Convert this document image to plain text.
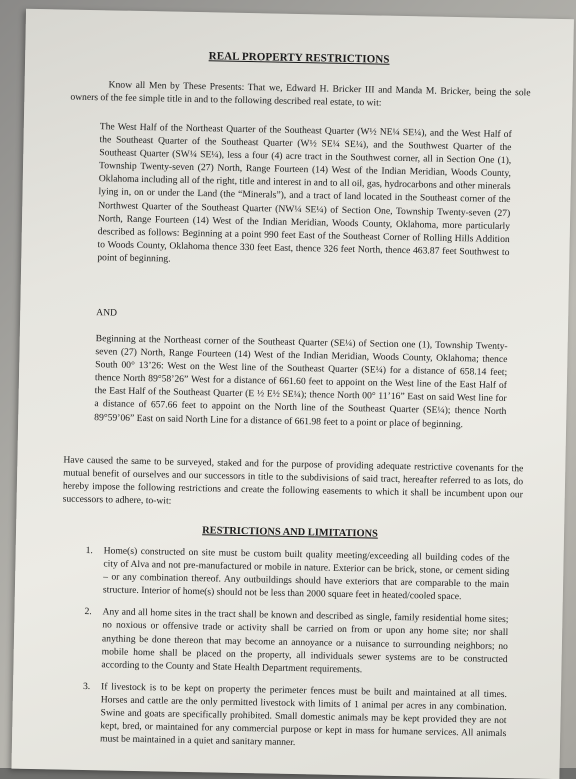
REAL PROPERTY RESTRICTIONS
Know all Men by These Presents: That we, Edward H. Bricker III and Manda M. Bricker, being the sole owners of the fee simple title in and to the following described real estate, to wit:
The West Half of the Northeast Quarter of the Southeast Quarter (W½ NE¼ SE¼), and the West Half of the Southeast Quarter of the Southeast Quarter (W½ SE¼ SE¼), and the Southwest Quarter of the Southeast Quarter (SW¼ SE¼), less a four (4) acre tract in the Southwest corner, all in Section One (1), Township Twenty-seven (27) North, Range Fourteen (14) West of the Indian Meridian, Woods County, Oklahoma including all of the right, title and interest in and to all oil, gas, hydrocarbons and other minerals lying in, on or under the Land (the “Minerals”), and a tract of land located in the Southeast corner of the Northwest Quarter of the Southeast Quarter (NW¼ SE¼) of Section One, Township Twenty-seven (27) North, Range Fourteen (14) West of the Indian Meridian, Woods County, Oklahoma, more particularly described as follows: Beginning at a point 990 feet East of the Southeast Corner of Rolling Hills Addition to Woods County, Oklahoma thence 330 feet East, thence 326 feet North, thence 463.87 feet Southwest to point of beginning.
AND
Beginning at the Northeast corner of the Southeast Quarter (SE¼) of Section one (1), Township Twenty-seven (27) North, Range Fourteen (14) West of the Indian Meridian, Woods County, Oklahoma; thence South 00° 13’26: West on the West line of the Southeast Quarter (SE¼) for a distance of 658.14 feet; thence North 89°58’26” West for a distance of 661.60 feet to appoint on the West line of the East Half of the East Half of the Southeast Quarter (E ½ E½ SE¼); thence North 00° 11’16” East on said West line for a distance of 657.66 feet to appoint on the North line of the Southeast Quarter (SE¼); thence North 89°59’06” East on said North Line for a distance of 661.98 feet to a point or place of beginning.
Have caused the same to be surveyed, staked and for the purpose of providing adequate restrictive covenants for the mutual benefit of ourselves and our successors in title to the subdivisions of said tract, hereafter referred to as lots, do hereby impose the following restrictions and create the following easements to which it shall be incumbent upon our successors to adhere, to-wit:
RESTRICTIONS AND LIMITATIONS
1. Home(s) constructed on site must be custom built quality meeting/exceeding all building codes of the city of Alva and not pre-manufactured or mobile in nature. Exterior can be brick, stone, or cement siding – or any combination thereof. Any outbuildings should have exteriors that are comparable to the main structure. Interior of home(s) should not be less than 2000 square feet in heated/cooled space.
2. Any and all home sites in the tract shall be known and described as single, family residential home sites; no noxious or offensive trade or activity shall be carried on from or upon any home site; nor shall anything be done thereon that may become an annoyance or a nuisance to surrounding neighbors; no mobile home shall be placed on the property, all individuals sewer systems are to be constructed according to the County and State Health Department requirements.
3. If livestock is to be kept on property the perimeter fences must be built and maintained at all times. Horses and cattle are the only permitted livestock with limits of 1 animal per acres in any combination. Swine and goats are specifically prohibited. Small domestic animals may be kept provided they are not kept, bred, or maintained for any commercial purpose or kept in mass for humane services. All animals must be maintained in a quiet and sanitary manner.
